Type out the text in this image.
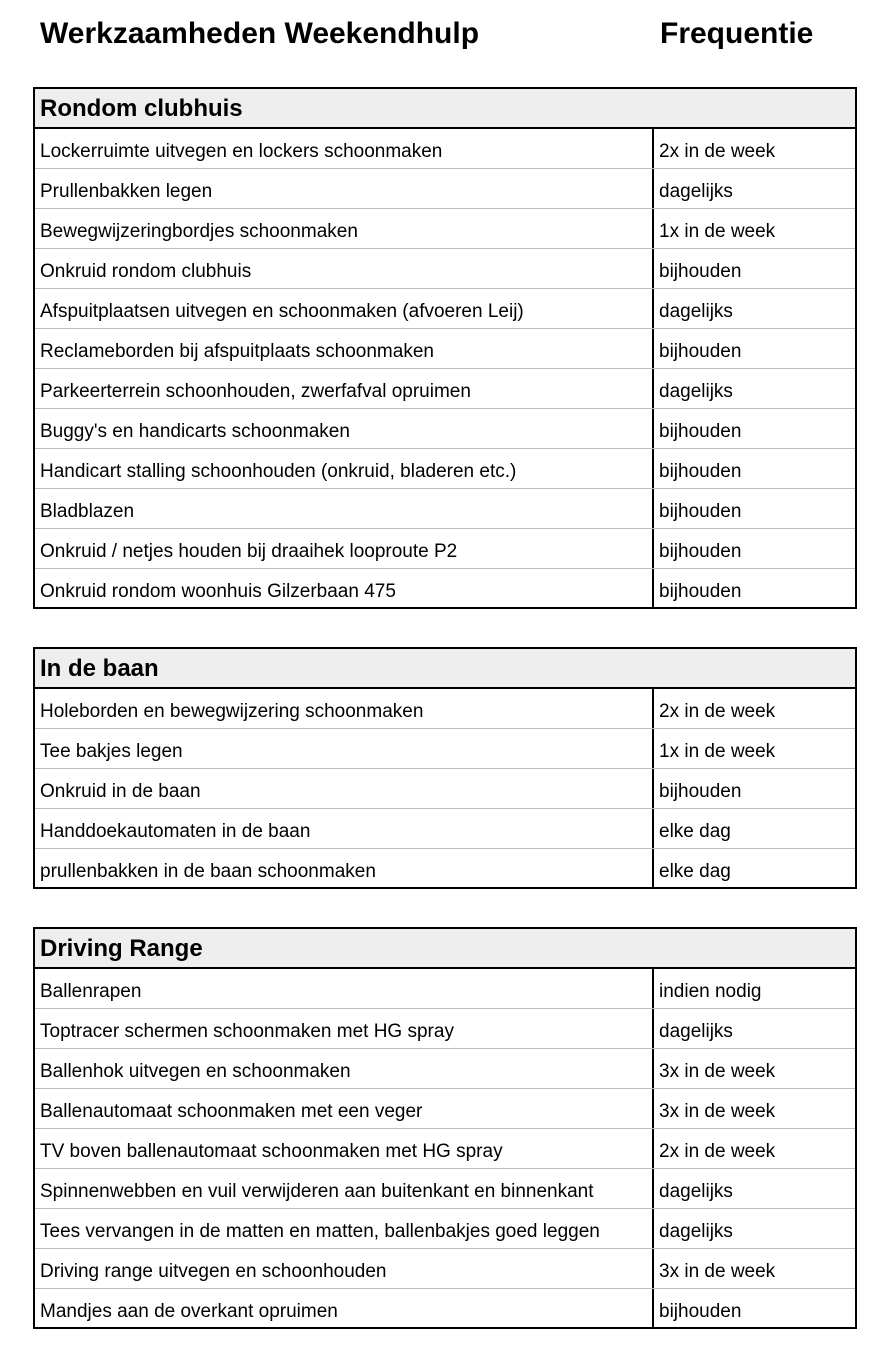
Werkzaamheden Weekendhulp	Frequentie
Rondom clubhuis
Lockerruimte uitvegen en lockers schoonmaken	2x in de week
Prullenbakken legen	dagelijks
Bewegwijzeringbordjes schoonmaken	1x in de week
Onkruid rondom clubhuis	bijhouden
Afspuitplaatsen uitvegen en schoonmaken (afvoeren Leij)	dagelijks
Reclameborden bij afspuitplaats schoonmaken	bijhouden
Parkeerterrein schoonhouden, zwerfafval opruimen	dagelijks
Buggy's en handicarts schoonmaken	bijhouden
Handicart stalling schoonhouden (onkruid, bladeren etc.)	bijhouden
Bladblazen	bijhouden
Onkruid / netjes houden bij draaihek looproute P2	bijhouden
Onkruid rondom woonhuis Gilzerbaan 475	bijhouden
In de baan
Holeborden en bewegwijzering schoonmaken	2x in de week
Tee bakjes legen	1x in de week
Onkruid in de baan	bijhouden
Handdoekautomaten in de baan	elke dag
prullenbakken in de baan schoonmaken	elke dag
Driving Range
Ballenrapen	indien nodig
Toptracer schermen schoonmaken met HG spray	dagelijks
Ballenhok uitvegen en schoonmaken	3x in de week
Ballenautomaat schoonmaken met een veger	3x in de week
TV boven ballenautomaat schoonmaken met HG spray	2x in de week
Spinnenwebben en vuil verwijderen aan buitenkant en binnenkant	dagelijks
Tees vervangen in de matten en matten, ballenbakjes goed leggen	dagelijks
Driving range uitvegen en schoonhouden	3x in de week
Mandjes aan de overkant opruimen	bijhouden
